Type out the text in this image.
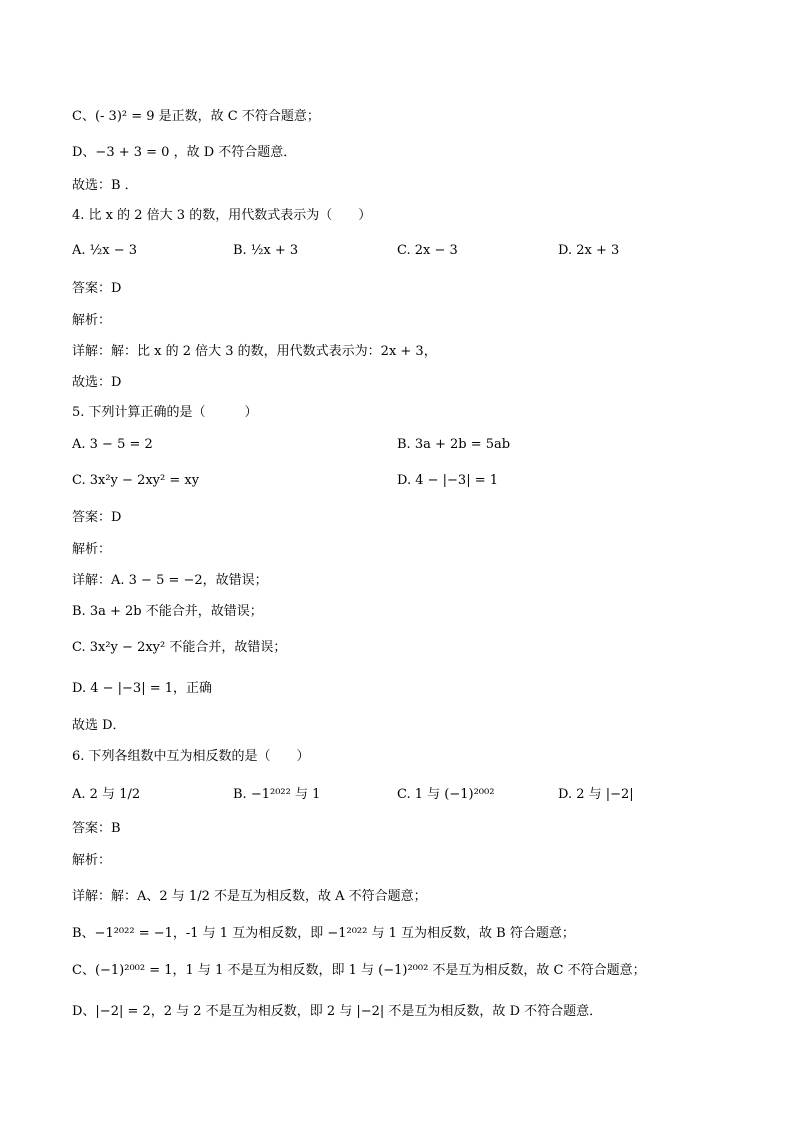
C、(- 3)² = 9 是正数，故 C 不符合题意；
D、−3 + 3 = 0 ，故 D 不符合题意．
故选：B ．
4. 比 x 的 2 倍大 3 的数，用代数式表示为（　　）
A. ½x − 3	B. ½x + 3	C. 2x − 3	D. 2x + 3
答案：D
解析：
详解：解：比 x 的 2 倍大 3 的数，用代数式表示为：2x + 3，
故选：D
5. 下列计算正确的是（　　　）
A. 3 − 5 = 2	B. 3a + 2b = 5ab
C. 3x²y − 2xy² = xy	D. 4 − |−3| = 1
答案：D
解析：
详解：A. 3 − 5 = −2，故错误；
B. 3a + 2b 不能合并，故错误；
C. 3x²y − 2xy² 不能合并，故错误；
D. 4 − |−3| = 1，正确
故选 D．
6. 下列各组数中互为相反数的是（　　）
A. 2 与 1/2	B. −1²⁰²² 与 1	C. 1 与 (−1)²⁰⁰²	D. 2 与 |−2|
答案：B
解析：
详解：解：A、2 与 1/2 不是互为相反数，故 A 不符合题意；
B、−1²⁰²² = −1，-1 与 1 互为相反数，即 −1²⁰²² 与 1 互为相反数，故 B 符合题意；
C、(−1)²⁰⁰² = 1，1 与 1 不是互为相反数，即 1 与 (−1)²⁰⁰² 不是互为相反数，故 C 不符合题意；
D、|−2| = 2，2 与 2 不是互为相反数，即 2 与 |−2| 不是互为相反数，故 D 不符合题意．
